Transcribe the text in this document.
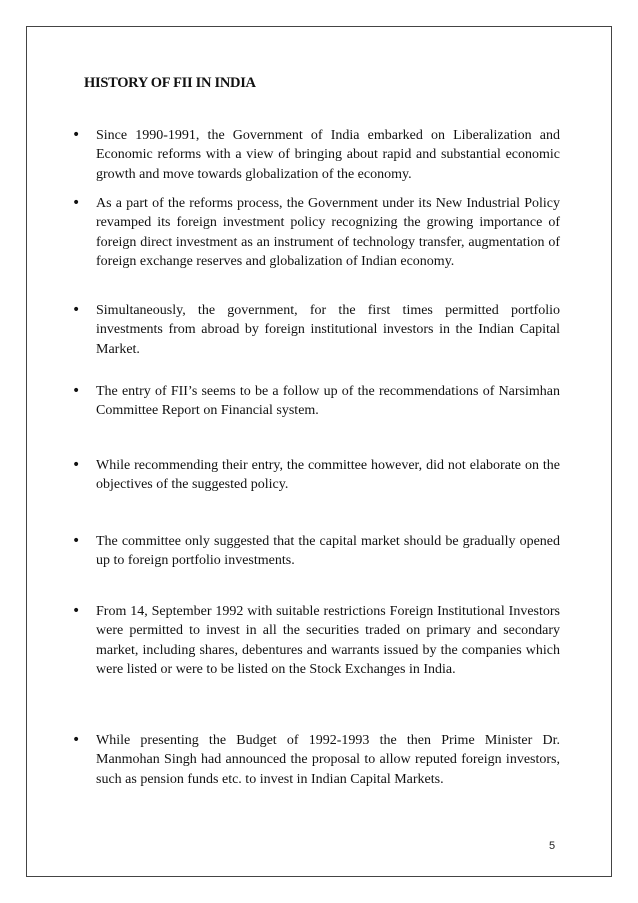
HISTORY OF FII IN INDIA
• Since 1990-1991, the Government of India embarked on Liberalization and Economic reforms with a view of bringing about rapid and substantial economic growth and move towards globalization of the economy.
• As a part of the reforms process, the Government under its New Industrial Policy revamped its foreign investment policy recognizing the growing importance of foreign direct investment as an instrument of technology transfer, augmentation of foreign exchange reserves and globalization of Indian economy.
• Simultaneously, the government, for the first times permitted portfolio investments from abroad by foreign institutional investors in the Indian Capital Market.
• The entry of FII’s seems to be a follow up of the recommendations of Narsimhan Committee Report on Financial system.
• While recommending their entry, the committee however, did not elaborate on the objectives of the suggested policy.
• The committee only suggested that the capital market should be gradually opened up to foreign portfolio investments.
• From 14, September 1992 with suitable restrictions Foreign Institutional Investors were permitted to invest in all the securities traded on primary and secondary market, including shares, debentures and warrants issued by the companies which were listed or were to be listed on the Stock Exchanges in India.
• While presenting the Budget of 1992-1993 the then Prime Minister Dr. Manmohan Singh had announced the proposal to allow reputed foreign investors, such as pension funds etc. to invest in Indian Capital Markets.
5
